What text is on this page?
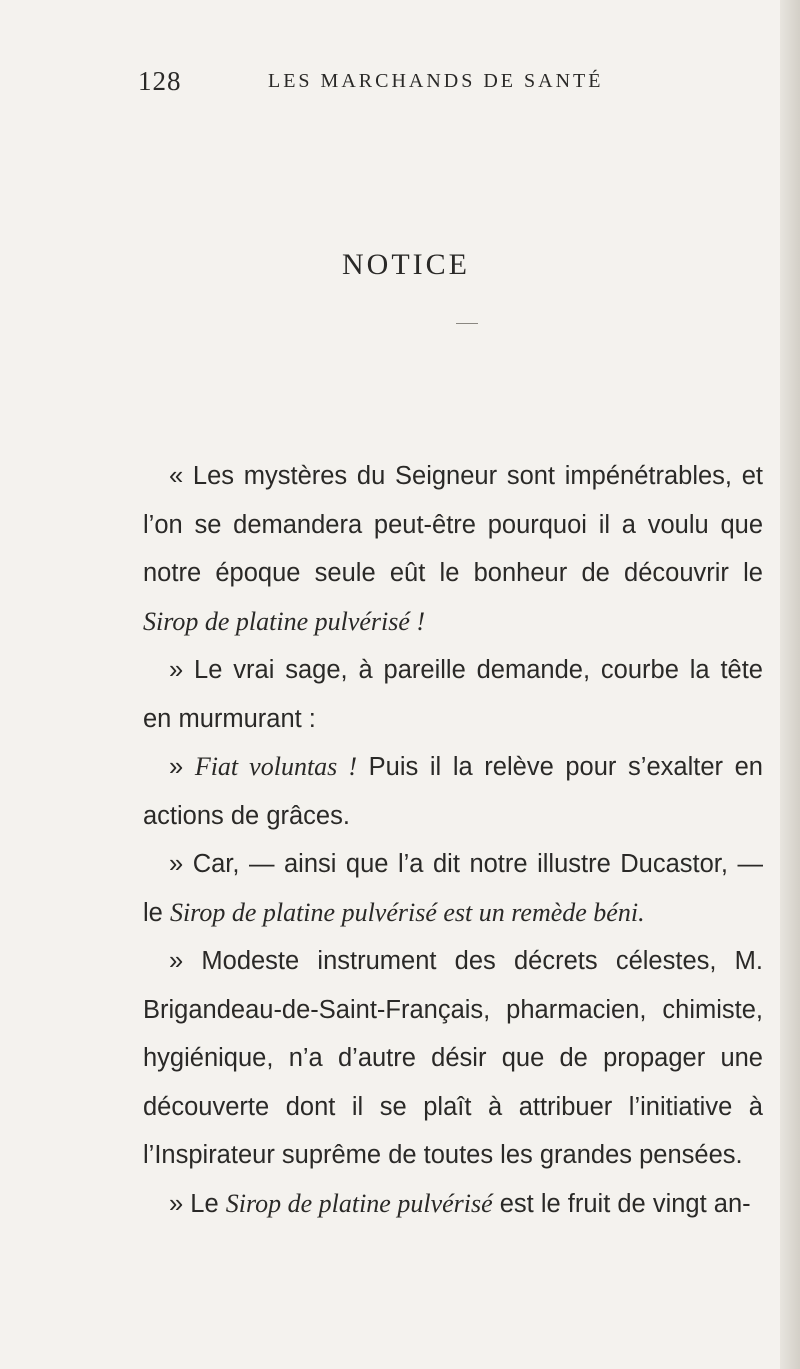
128	LES MARCHANDS DE SANTÉ
NOTICE

« Les mystères du Seigneur sont impénétrables, et l’on se demandera peut-être pourquoi il a voulu que notre époque seule eût le bonheur de découvrir le Sirop de platine pulvérisé !

» Le vrai sage, à pareille demande, courbe la tête en murmurant :

» Fiat voluntas ! Puis il la relève pour s’exalter en actions de grâces.

» Car, — ainsi que l’a dit notre illustre Ducastor, — le Sirop de platine pulvérisé est un remède béni.

» Modeste instrument des décrets célestes, M. Brigandeau-de-Saint-Français, pharmacien, chimiste, hygiénique, n’a d’autre désir que de propager une découverte dont il se plaît à attribuer l’initiative à l’Inspirateur suprême de toutes les grandes pensées.

» Le Sirop de platine pulvérisé est le fruit de vingt an-
